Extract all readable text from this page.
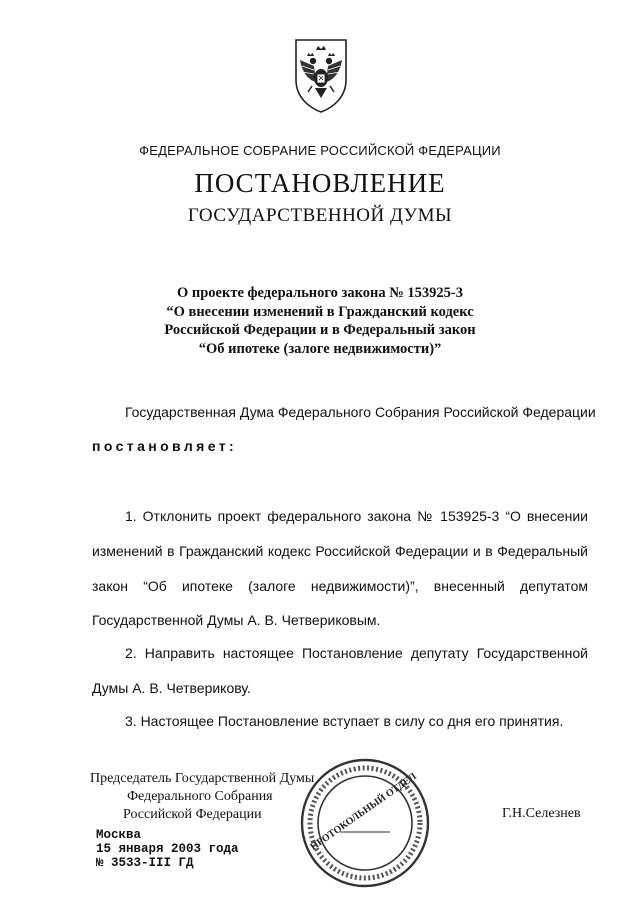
ФЕДЕРАЛЬНОЕ СОБРАНИЕ РОССИЙСКОЙ ФЕДЕРАЦИИ
ПОСТАНОВЛЕНИЕ
ГОСУДАРСТВЕННОЙ ДУМЫ
О проекте федерального закона № 153925-3
“О внесении изменений в Гражданский кодекс
Российской Федерации и в Федеральный закон
“Об ипотеке (залоге недвижимости)”
Государственная Дума Федерального Собрания Российской Федерации
постановляет:
1. Отклонить проект федерального закона № 153925-3 “О внесении
изменений в Гражданский кодекс Российской Федерации и в Федеральный
закон “Об ипотеке (залоге недвижимости)”, внесенный депутатом
Государственной Думы А. В. Четвериковым.
2. Направить настоящее Постановление депутату Государственной
Думы А. В. Четверикову.
3. Настоящее Постановление вступает в силу со дня его принятия.
Председатель Государственной Думы
Федерального Собрания
Российской Федерации	ПРОТОКОЛЬНЫЙ ОТДЕЛ	Г.Н.Селезнев
Москва
15 января 2003 года
№ 3533-III ГД
